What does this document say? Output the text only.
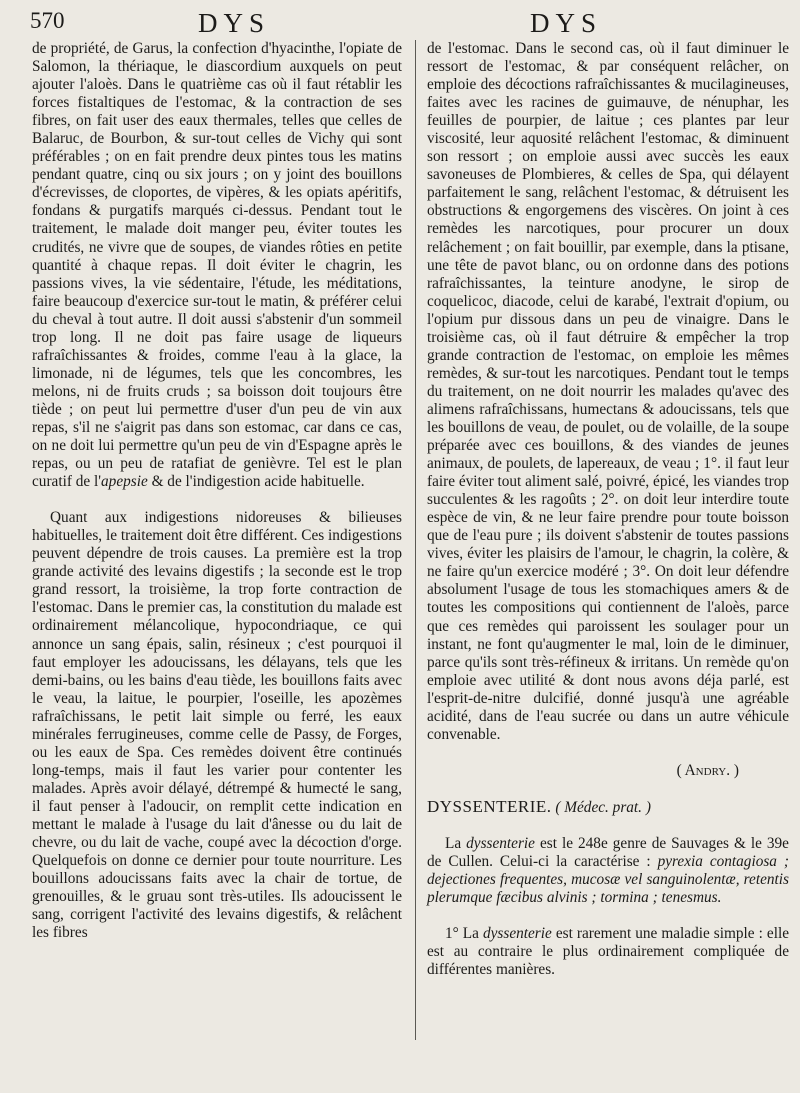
570	DYS	DYS

de propriété, de Garus, la confection d'hyacinthe, l'opiate de Salomon, la thériaque, le diascordium auxquels on peut ajouter l'aloès. Dans le quatrième cas où il faut rétablir les forces fistaltiques de l'estomac, & la contraction de ses fibres, on fait user des eaux thermales, telles que celles de Balaruc, de Bourbon, & sur-tout celles de Vichy qui sont préférables ; on en fait prendre deux pintes tous les matins pendant quatre, cinq ou six jours ; on y joint des bouillons d'écrevisses, de cloportes, de vipères, & les opiats apéritifs, fondans & purgatifs marqués ci-dessus. Pendant tout le traitement, le malade doit manger peu, éviter toutes les crudités, ne vivre que de soupes, de viandes rôties en petite quantité à chaque repas. Il doit éviter le chagrin, les passions vives, la vie sédentaire, l'étude, les méditations, faire beaucoup d'exercice sur-tout le matin, & préférer celui du cheval à tout autre. Il doit aussi s'abstenir d'un sommeil trop long. Il ne doit pas faire usage de liqueurs rafraîchissantes & froides, comme l'eau à la glace, la limonade, ni de légumes, tels que les concombres, les melons, ni de fruits cruds ; sa boisson doit toujours être tiède ; on peut lui permettre d'user d'un peu de vin aux repas, s'il ne s'aigrit pas dans son estomac, car dans ce cas, on ne doit lui permettre qu'un peu de vin d'Espagne après le repas, ou un peu de ratafiat de genièvre. Tel est le plan curatif de l'apepsie & de l'indigestion acide habituelle.

Quant aux indigestions nidoreuses & bilieuses habituelles, le traitement doit être différent. Ces indigestions peuvent dépendre de trois causes. La première est la trop grande activité des levains digestifs ; la seconde est le trop grand ressort, la troisième, la trop forte contraction de l'estomac. Dans le premier cas, la constitution du malade est ordinairement mélancolique, hypocondriaque, ce qui annonce un sang épais, salin, résineux ; c'est pourquoi il faut employer les adoucissans, les délayans, tels que les demi-bains, ou les bains d'eau tiède, les bouillons faits avec le veau, la laitue, le pourpier, l'oseille, les apozèmes rafraîchissans, le petit lait simple ou ferré, les eaux minérales ferrugineuses, comme celle de Passy, de Forges, ou les eaux de Spa. Ces remèdes doivent être continués long-temps, mais il faut les varier pour contenter les malades. Après avoir délayé, détrempé & humecté le sang, il faut penser à l'adoucir, on remplit cette indication en mettant le malade à l'usage du lait d'ânesse ou du lait de chevre, ou du lait de vache, coupé avec la décoction d'orge. Quelquefois on donne ce dernier pour toute nourriture. Les bouillons adoucissans faits avec la chair de tortue, de grenouilles, & le gruau sont très-utiles. Ils adoucissent le sang, corrigent l'activité des levains digestifs, & relâchent les fibres

de l'estomac. Dans le second cas, où il faut diminuer le ressort de l'estomac, & par conséquent relâcher, on emploie des décoctions rafraîchissantes & mucilagineuses, faites avec les racines de guimauve, de nénuphar, les feuilles de pourpier, de laitue ; ces plantes par leur viscosité, leur aquosité relâchent l'estomac, & diminuent son ressort ; on emploie aussi avec succès les eaux savoneuses de Plombieres, & celles de Spa, qui délayent parfaitement le sang, relâchent l'estomac, & détruisent les obstructions & engorgemens des viscères. On joint à ces remèdes les narcotiques, pour procurer un doux relâchement ; on fait bouillir, par exemple, dans la ptisane, une tête de pavot blanc, ou on ordonne dans des potions rafraîchissantes, la teinture anodyne, le sirop de coquelicoc, diacode, celui de karabé, l'extrait d'opium, ou l'opium pur dissous dans un peu de vinaigre. Dans le troisième cas, où il faut détruire & empêcher la trop grande contraction de l'estomac, on emploie les mêmes remèdes, & sur-tout les narcotiques. Pendant tout le temps du traitement, on ne doit nourrir les malades qu'avec des alimens rafraîchissans, humectans & adoucissans, tels que les bouillons de veau, de poulet, ou de volaille, de la soupe préparée avec ces bouillons, & des viandes de jeunes animaux, de poulets, de lapereaux, de veau ; 1°. il faut leur faire éviter tout aliment salé, poivré, épicé, les viandes trop succulentes & les ragoûts ; 2°. on doit leur interdire toute espèce de vin, & ne leur faire prendre pour toute boisson que de l'eau pure ; ils doivent s'abstenir de toutes passions vives, éviter les plaisirs de l'amour, le chagrin, la colère, & ne faire qu'un exercice modéré ; 3°. On doit leur défendre absolument l'usage de tous les stomachiques amers & de toutes les compositions qui contiennent de l'aloès, parce que ces remèdes qui paroissent les soulager pour un instant, ne font qu'augmenter le mal, loin de le diminuer, parce qu'ils sont très-réfineux & irritans. Un remède qu'on emploie avec utilité & dont nous avons déja parlé, est l'esprit-de-nitre dulcifié, donné jusqu'à une agréable acidité, dans de l'eau sucrée ou dans un autre véhicule convenable.

( Andry. )

DYSSENTERIE. ( Médec. prat. )

La dyssenterie est le 248e genre de Sauvages & le 39e de Cullen. Celui-ci la caractérise : pyrexia contagiosa ; dejectiones frequentes, mucosæ vel sanguinolentæ, retentis plerumque fæcibus alvinis ; tormina ; tenesmus.

1° La dyssenterie est rarement une maladie simple : elle est au contraire le plus ordinairement compliquée de différentes manières.
